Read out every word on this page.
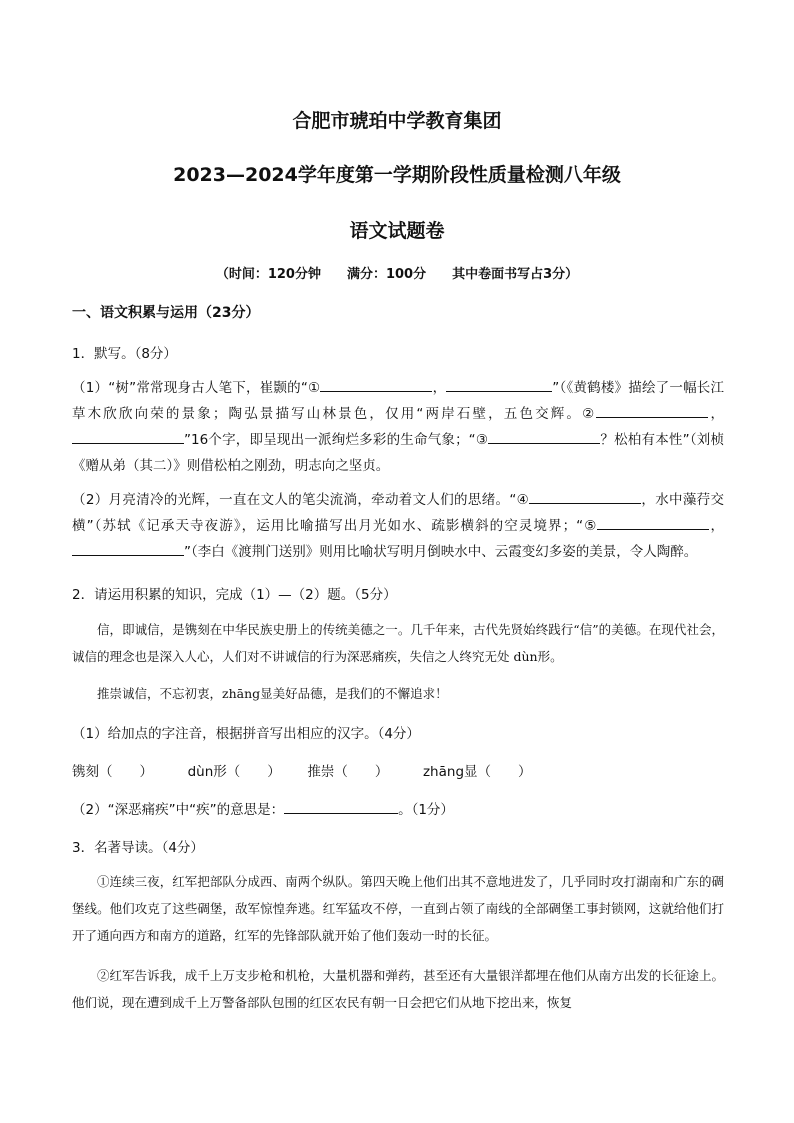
合肥市琥珀中学教育集团
2023—2024学年度第一学期阶段性质量检测八年级
语文试题卷
（时间：120分钟　　满分：100分　　其中卷面书写占3分）
一、语文积累与运用（23分）
1．默写。（8分）
（1）“树”常常现身古人笔下，崔颢的“①	，	”（《黄鹤楼》描绘了一幅长江草木欣欣向荣的景象；陶弘景描写山林景色，仅用“两岸石壁，五色交辉。②	，”16个字，即呈现出一派绚烂多彩的生命气象；“③	？松柏有本性”（刘桢《赠从弟（其二）》则借松柏之刚劲，明志向之坚贞。
（2）月亮清冷的光辉，一直在文人的笔尖流淌，牵动着文人们的思绪。“④	，水中藻荇交横”（苏轼《记承天寺夜游》，运用比喻描写出月光如水、疏影横斜的空灵境界；“⑤	，”（李白《渡荆门送别》则用比喻状写明月倒映水中、云霞变幻多姿的美景，令人陶醉。
2．请运用积累的知识，完成（1）—（2）题。（5分）
信，即诚信，是镌刻在中华民族史册上的传统美德之一。几千年来，古代先贤始终践行“信”的美德。在现代社会，诚信的理念也是深入人心，人们对不讲诚信的行为深恶痛疾，失信之人终究无处 dùn形。
推崇诚信，不忘初衷，zhāng显美好品德，是我们的不懈追求！
（1）给加点的字注音，根据拼音写出相应的汉字。（4分）
镌刻（　　）	dùn形（　　） 推崇（　　）	zhāng显（　　）
（2）“深恶痛疾”中“疾”的意思是：	。（1分）
3．名著导读。（4分）
①连续三夜，红军把部队分成西、南两个纵队。第四天晚上他们出其不意地进发了，几乎同时攻打湖南和广东的碉堡线。他们攻克了这些碉堡，敌军惊惶奔逃。红军猛攻不停，一直到占领了南线的全部碉堡工事封锁网，这就给他们打开了通向西方和南方的道路，红军的先锋部队就开始了他们轰动一时的长征。
②红军告诉我，成千上万支步枪和机枪，大量机器和弹药，甚至还有大量银洋都埋在他们从南方出发的长征途上。他们说，现在遭到成千上万警备部队包围的红区农民有朝一日会把它们从地下挖出来，恢复
